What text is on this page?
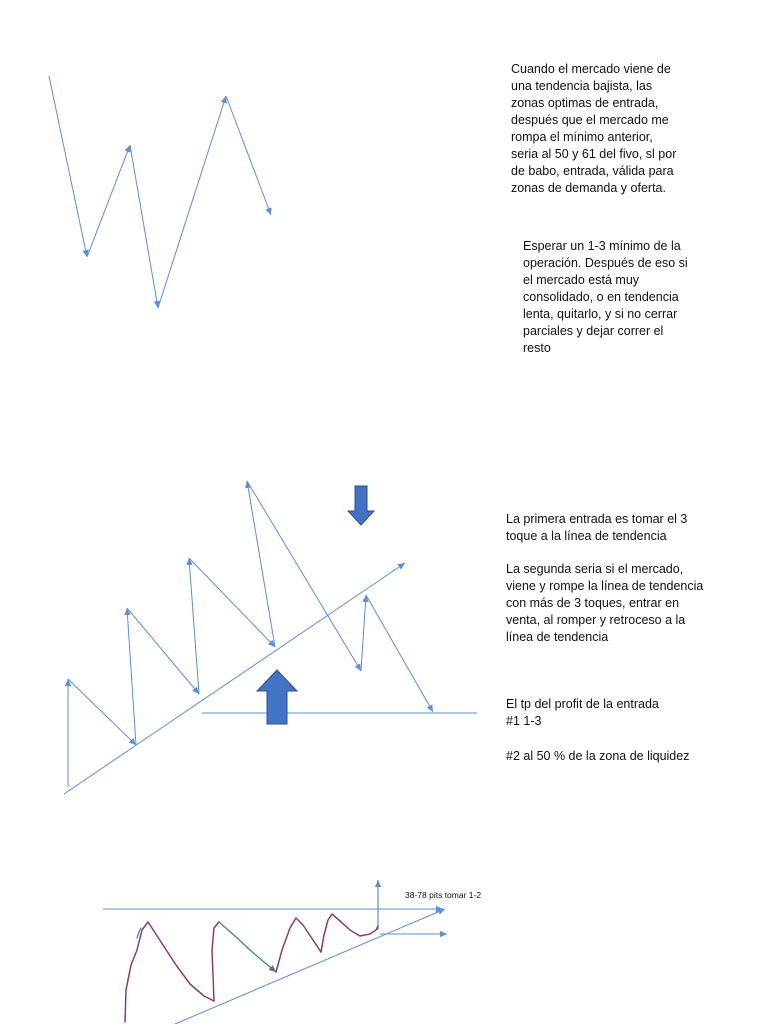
Cuando el mercado viene de
una tendencia bajista, las
zonas optimas de entrada,
después que el mercado me
rompa el mínimo anterior,
seria al 50 y 61 del fivo, sl por
de babo, entrada, válida para
zonas de demanda y oferta.
Esperar un 1-3 mínimo de la
operación. Después de eso si
el mercado está muy
consolidado, o en tendencia
lenta, quitarlo, y si no cerrar
parciales y dejar correr el
resto
La primera entrada es tomar el 3
toque a la línea de tendencia
La segunda seria si el mercado,
viene y rompe la línea de tendencia
con más de 3 toques, entrar en
venta, al romper y retroceso a la
línea de tendencia
El tp del profit de la entrada
#1 1-3
#2 al 50 % de la zona de liquidez
38-78 pits tomar 1-2
